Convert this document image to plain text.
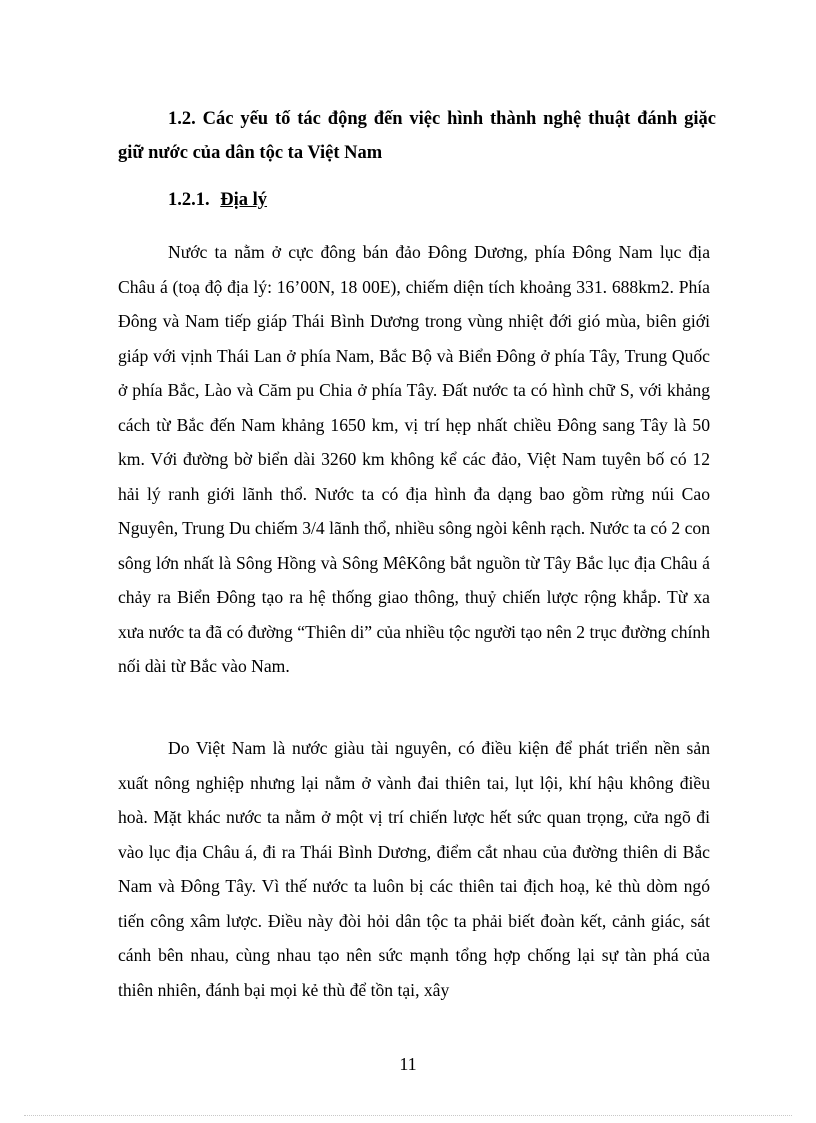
1.2. Các yếu tố tác động đến việc hình thành nghệ thuật đánh giặc giữ nước của dân tộc ta Việt Nam

1.2.1. Địa lý

Nước ta nằm ở cực đông bán đảo Đông Dương, phía Đông Nam lục địa Châu á (toạ độ địa lý: 16’00N, 18 00E), chiếm diện tích khoảng 331. 688km2. Phía Đông và Nam tiếp giáp Thái Bình Dương trong vùng nhiệt đới gió mùa, biên giới giáp với vịnh Thái Lan ở phía Nam, Bắc Bộ và Biển Đông ở phía Tây, Trung Quốc ở phía Bắc, Lào và Căm pu Chia ở phía Tây. Đất nước ta có hình chữ S, với khảng cách từ Bắc đến Nam khảng 1650 km, vị trí hẹp nhất chiều Đông sang Tây là 50 km. Với đường bờ biển dài 3260 km không kể các đảo, Việt Nam tuyên bố có 12 hải lý ranh giới lãnh thổ. Nước ta có địa hình đa dạng bao gồm rừng núi Cao Nguyên, Trung Du chiếm 3/4 lãnh thổ, nhiều sông ngòi kênh rạch. Nước ta có 2 con sông lớn nhất là Sông Hồng và Sông MêKông bắt nguồn từ Tây Bắc lục địa Châu á chảy ra Biển Đông tạo ra hệ thống giao thông, thuỷ chiến lược rộng khắp. Từ xa xưa nước ta đã có đường “Thiên di” của nhiều tộc người tạo nên 2 trục đường chính nối dài từ Bắc vào Nam.

Do Việt Nam là nước giàu tài nguyên, có điều kiện để phát triển nền sản xuất nông nghiệp nhưng lại nằm ở vành đai thiên tai, lụt lội, khí hậu không điều hoà. Mặt khác nước ta nằm ở một vị trí chiến lược hết sức quan trọng, cửa ngõ đi vào lục địa Châu á, đi ra Thái Bình Dương, điểm cắt nhau của đường thiên di Bắc Nam và Đông Tây. Vì thế nước ta luôn bị các thiên tai địch hoạ, kẻ thù dòm ngó tiến công xâm lược. Điều này đòi hỏi dân tộc ta phải biết đoàn kết, cảnh giác, sát cánh bên nhau, cùng nhau tạo nên sức mạnh tổng hợp chống lại sự tàn phá của thiên nhiên, đánh bại mọi kẻ thù để tồn tại, xây

11
